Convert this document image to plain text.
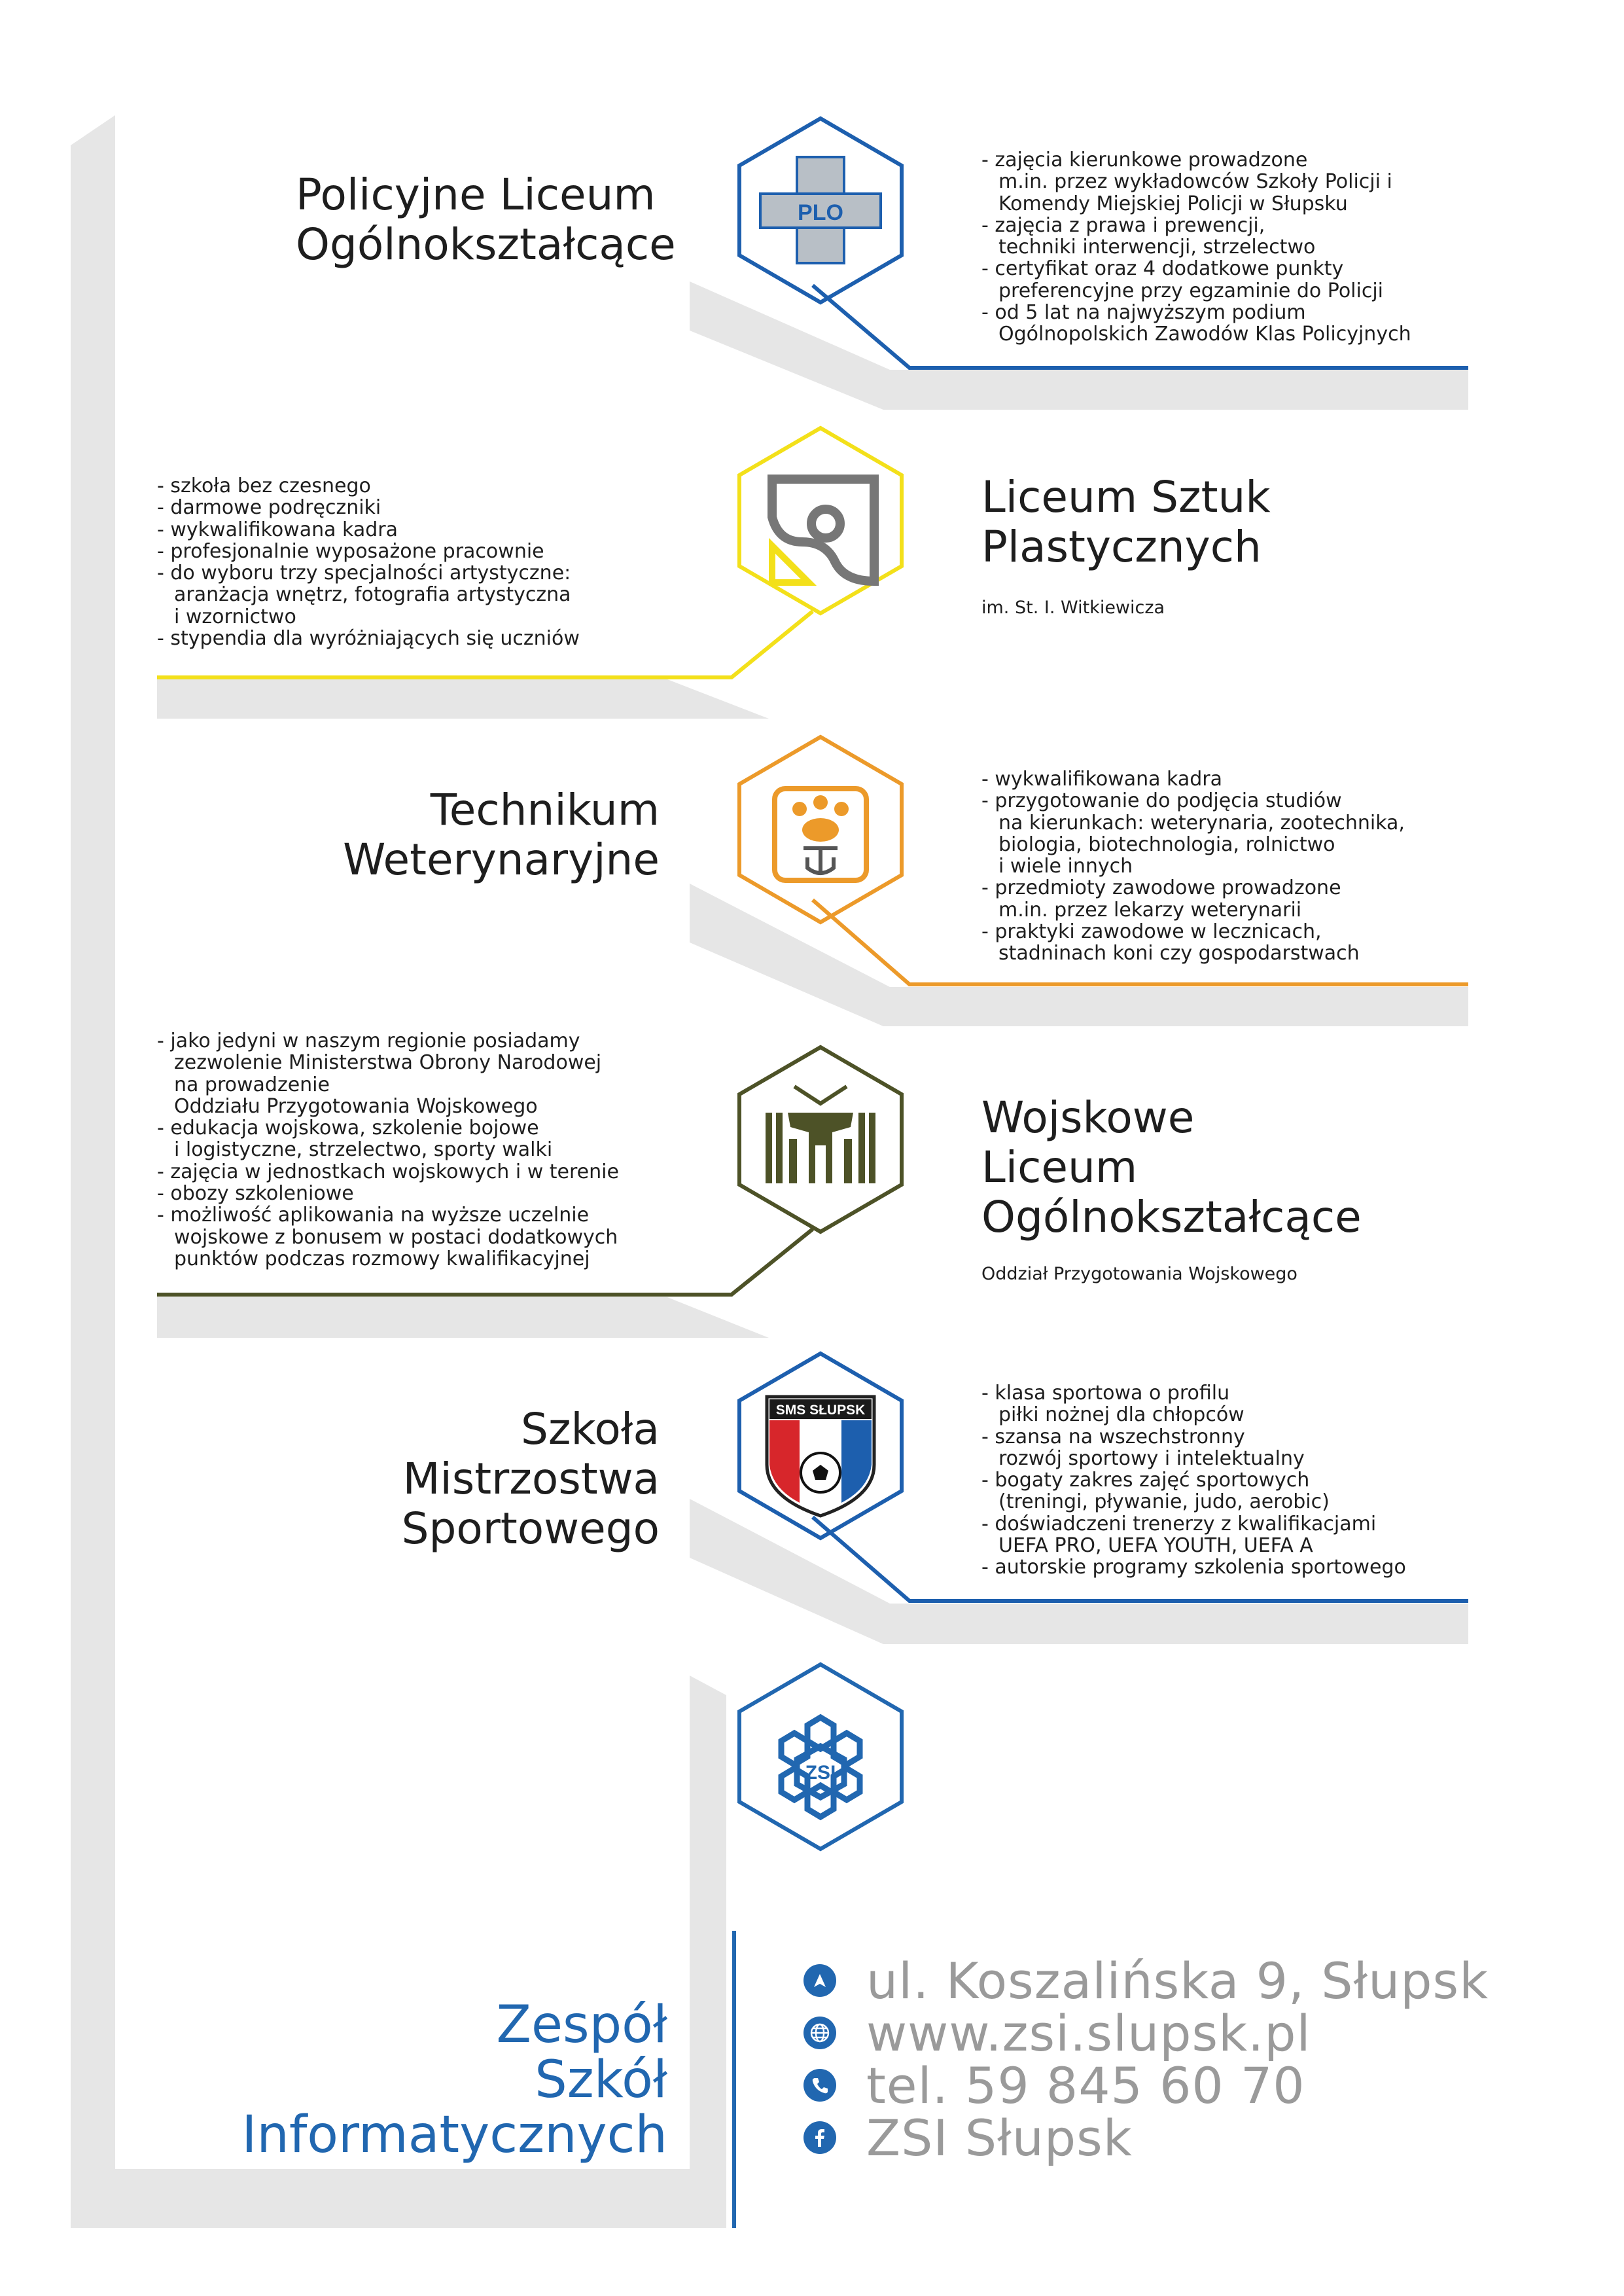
PLO
SMS SŁUPSK
ZSI
Policyjne Liceum
Ogólnokształcące
- zajęcia kierunkowe prowadzone
m.in. przez wykładowców Szkoły Policji i
Komendy Miejskiej Policji w Słupsku
- zajęcia z prawa i prewencji,
techniki interwencji, strzelectwo
- certyfikat oraz 4 dodatkowe punkty
preferencyjne przy egzaminie do Policji
- od 5 lat na najwyższym podium
Ogólnopolskich Zawodów Klas Policyjnych
- szkoła bez czesnego
- darmowe podręczniki
- wykwalifikowana kadra
- profesjonalnie wyposażone pracownie
- do wyboru trzy specjalności artystyczne:
aranżacja wnętrz, fotografia artystyczna
i wzornictwo
- stypendia dla wyróżniających się uczniów
Liceum Sztuk
Plastycznych
im. St. I. Witkiewicza
Technikum
Weterynaryjne
- wykwalifikowana kadra
- przygotowanie do podjęcia studiów
na kierunkach: weterynaria, zootechnika,
biologia, biotechnologia, rolnictwo
i wiele innych
- przedmioty zawodowe prowadzone
m.in. przez lekarzy weterynarii
- praktyki zawodowe w lecznicach,
stadninach koni czy gospodarstwach
- jako jedyni w naszym regionie posiadamy
zezwolenie Ministerstwa Obrony Narodowej
na prowadzenie
Oddziału Przygotowania Wojskowego
- edukacja wojskowa, szkolenie bojowe
i logistyczne, strzelectwo, sporty walki
- zajęcia w jednostkach wojskowych i w terenie
- obozy szkoleniowe
- możliwość aplikowania na wyższe uczelnie
wojskowe z bonusem w postaci dodatkowych
punktów podczas rozmowy kwalifikacyjnej
Wojskowe
Liceum
Ogólnokształcące
Oddział Przygotowania Wojskowego
Szkoła
Mistrzostwa
Sportowego
- klasa sportowa o profilu
piłki nożnej dla chłopców
- szansa na wszechstronny
rozwój sportowy i intelektualny
- bogaty zakres zajęć sportowych
(treningi, pływanie, judo, aerobic)
- doświadczeni trenerzy z kwalifikacjami
UEFA PRO, UEFA YOUTH, UEFA A
- autorskie programy szkolenia sportowego
Zespół
Szkół
Informatycznych
ul. Koszalińska 9, Słupsk
www.zsi.slupsk.pl
tel. 59 845 60 70
ZSI Słupsk
